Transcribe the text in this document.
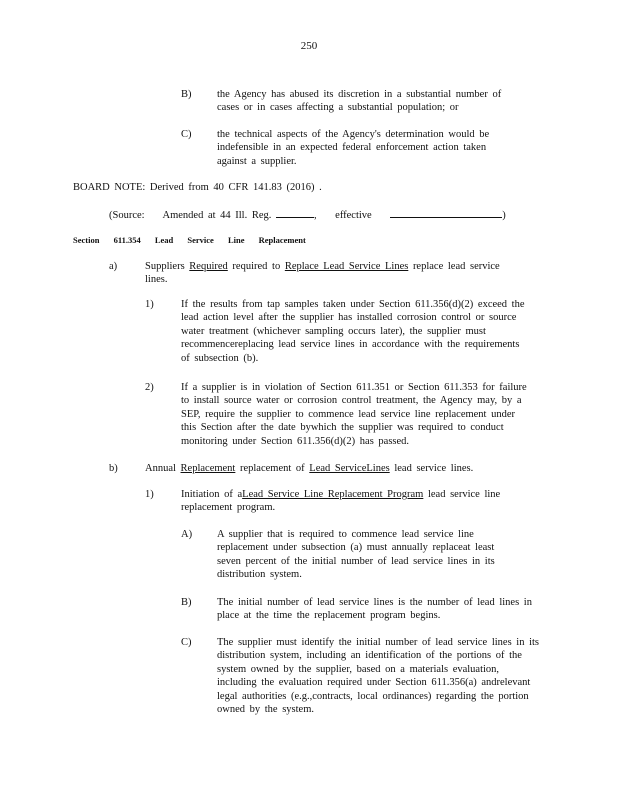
250
B) the Agency has abused its discretion in a substantial number of cases or in cases affecting a substantial population; or
C) the technical aspects of the Agency's determination would be indefensible in an expected federal enforcement action taken against a supplier.
BOARD NOTE: Derived from 40 CFR 141.83 (2016) .
(Source: Amended at 44 Ill. Reg.	, effective	)
Section 611.354 Lead Service Line Replacement
a)	Suppliers Required required to Replace Lead Service Lines replace lead service lines.
1)	If the results from tap samples taken under Section 611.356(d)(2) exceed the lead action level after the supplier has installed corrosion control or source water treatment (whichever sampling occurs later), the supplier must recommencereplacing lead service lines in accordance with the requirements of subsection (b).
2)	If a supplier is in violation of Section 611.351 or Section 611.353 for failure to install source water or corrosion control treatment, the Agency may, by a SEP, require the supplier to commence lead service line replacement under this Section after the date bywhich the supplier was required to conduct monitoring under Section 611.356(d)(2) has passed.
b)	Annual Replacement replacement of Lead ServiceLines lead service lines.
1)	Initiation of aLead Service Line Replacement Program lead service line replacement program.
A) A supplier that is required to commence lead service line replacement under subsection (a) must annually replaceat least seven percent of the initial number of lead service lines in its distribution system.
B) The initial number of lead service lines is the number of lead lines in place at the time the replacement program begins.
C) The supplier must identify the initial number of lead service lines in its distribution system, including an identification of the portions of the system owned by the supplier, based on a materials evaluation, including the evaluation required under Section 611.356(a) andrelevant legal authorities (e.g.,contracts, local ordinances) regarding the portion owned by the system.
